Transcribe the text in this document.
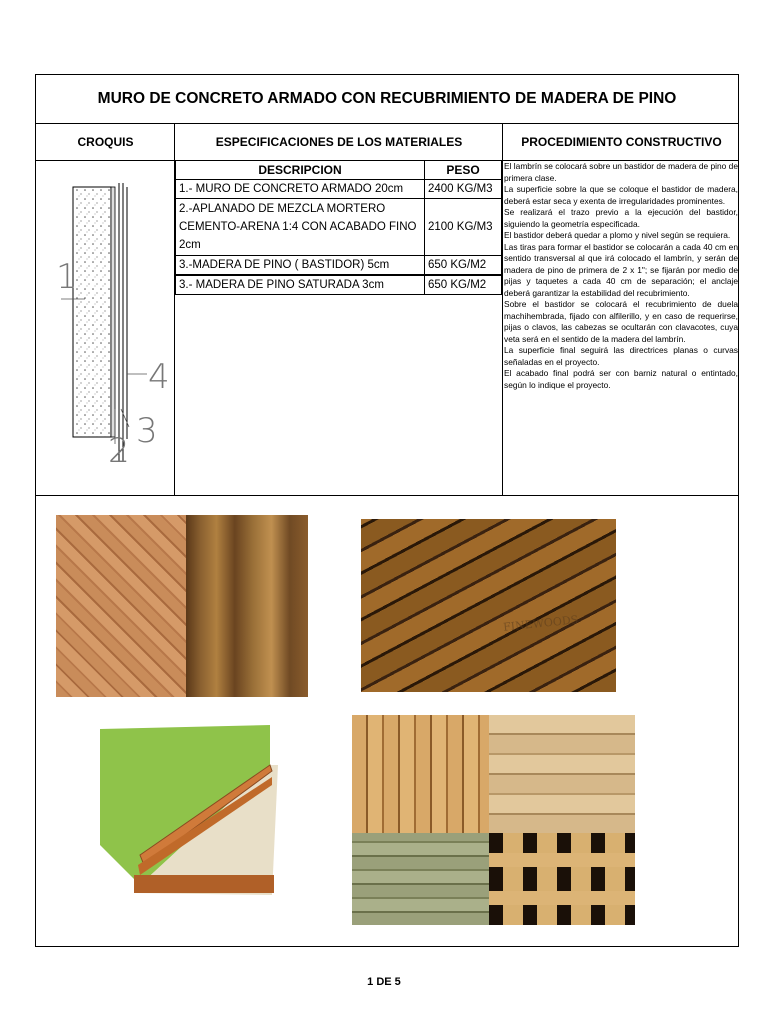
MURO DE CONCRETO ARMADO CON RECUBRIMIENTO DE MADERA DE PINO
CROQUIS	ESPECIFICACIONES DE LOS MATERIALES	PROCEDIMIENTO CONSTRUCTIVO
1
2 3
4
DESCRIPCION	PESO
1.- MURO DE CONCRETO ARMADO 20cm	2400 KG/M3
2.-APLANADO DE MEZCLA MORTERO CEMENTO-ARENA 1:4 CON ACABADO FINO 2cm	2100 KG/M3
3.-MADERA DE PINO ( BASTIDOR) 5cm	650 KG/M2
3.- MADERA DE PINO SATURADA 3cm	650 KG/M2

El lambrín se colocará sobre un bastidor de madera de pino de primera clase.

La superficie sobre la que se coloque el bastidor de madera, deberá estar seca y exenta de irregularidades prominentes.

Se realizará el trazo previo a la ejecución del bastidor, siguiendo la geometría especificada.

El bastidor deberá quedar a plomo y nivel según se requiera.

Las tiras para formar el bastidor se colocarán a cada 40 cm en sentido transversal al que irá colocado el lambrín, y serán de madera de pino de primera de 2 x 1"; se fijarán por medio de pijas y taquetes a cada 40 cm de separación; el anclaje deberá garantizar la estabilidad del recubrimiento.

Sobre el bastidor se colocará el recubrimiento de duela machihembrada, fijado con alfilerillo, y en caso de requerirse, pijas o clavos, las cabezas se ocultarán con clavacotes, cuya veta será en el sentido de la madera del lambrín.

La superficie final seguirá las directrices planas o curvas señaladas en el proyecto.

El acabado final podrá ser con barniz natural o entintado, según lo indique el proyecto.

FINEWOODS
1 DE 5
